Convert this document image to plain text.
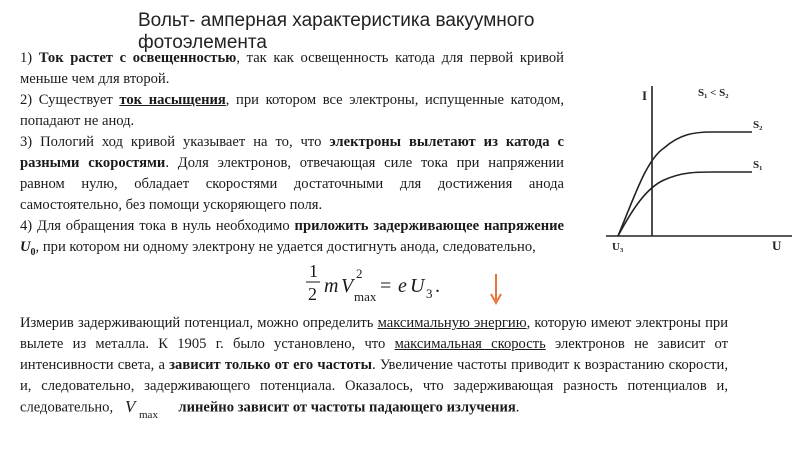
Вольт- амперная характеристика вакуумного фотоэлемента

1) Ток растет с освещенностью, так как освещенность катода для первой кривой меньше чем для второй.

2) Существует ток насыщения, при котором все электроны, испущенные катодом, попадают не анод.

3) Пологий ход кривой указывает на то, что электроны вылетают из катода с разными скоростями. Доля электронов, отвечающая силе тока при напряжении равном нулю, обладает скоростями достаточными для достижения анода самостоятельно, без помощи ускоряющего поля.

4) Для обращения тока в нуль необходимо приложить задерживающее напряжение $U_0$, при котором ни одному электрону не удается достигнуть анода, следовательно,

1
2 m V
2
max = e U 3 .
I	S₁ < S₂
S₂
S₁
U₃	U

Измерив задерживающий потенциал, можно определить максимальную энергию, которую имеют электроны при вылете из металла. К 1905 г. было установлено, что максимальная скорость электронов не зависит от интенсивности света, а зависит только от его частоты. Увеличение частоты приводит к возрастанию скорости, и, следовательно, задерживающего потенциала. Оказалось, что задерживающая разность потенциалов и, следовательно, V max линейно зависит от частоты падающего излучения.
